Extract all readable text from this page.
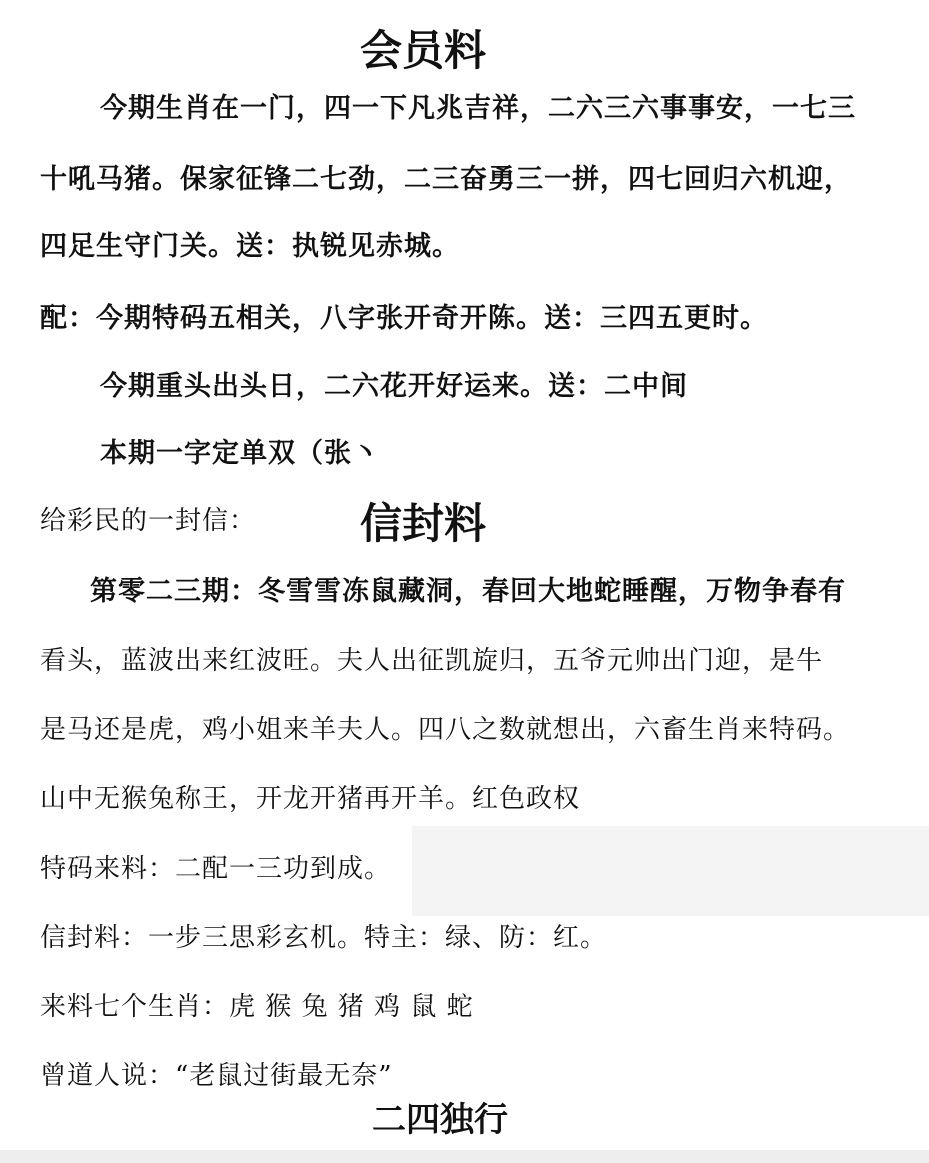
会员料
今期生肖在一门，四一下凡兆吉祥，二六三六事事安，一七三
十吼马猪。保家征锋二七劲，二三奋勇三一拼，四七回归六机迎，
四足生守门关。送：执锐见赤城。
配：今期特码五相关，八字张开奇开陈。送：三四五更时。
今期重头出头日，二六花开好运来。送：二中间
本期一字定单双（张丶
给彩民的一封信： 信封料
第零二三期：冬雪雪冻鼠藏洞，春回大地蛇睡醒，万物争春有
看头，蓝波出来红波旺。夫人出征凯旋归，五爷元帅出门迎，是牛
是马还是虎，鸡小姐来羊夫人。四八之数就想出，六畜生肖来特码。
山中无猴兔称王，开龙开猪再开羊。红色政权
特码来料：二配一三功到成。
信封料：一步三思彩玄机。特主：绿、防：红。
来料七个生肖：虎 猴 兔 猪 鸡 鼠 蛇
曾道人说：“老鼠过街最无奈”
二四独行
